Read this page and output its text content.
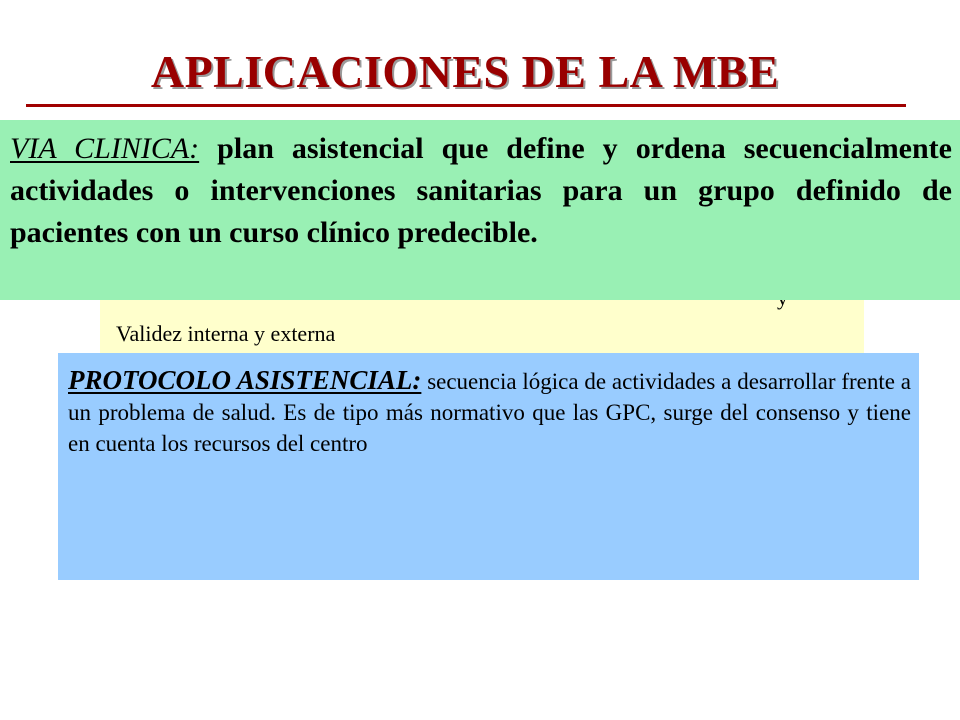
APLICACIONES DE LA MBE
Validez interna y externa
VIA CLINICA: plan asistencial que define y ordena secuencialmente actividades o intervenciones sanitarias para un grupo definido de pacientes con un curso clínico predecible.
PROTOCOLO ASISTENCIAL: secuencia lógica de actividades a desarrollar frente a un problema de salud. Es de tipo más normativo que las GPC, surge del consenso y tiene en cuenta los recursos del centro
